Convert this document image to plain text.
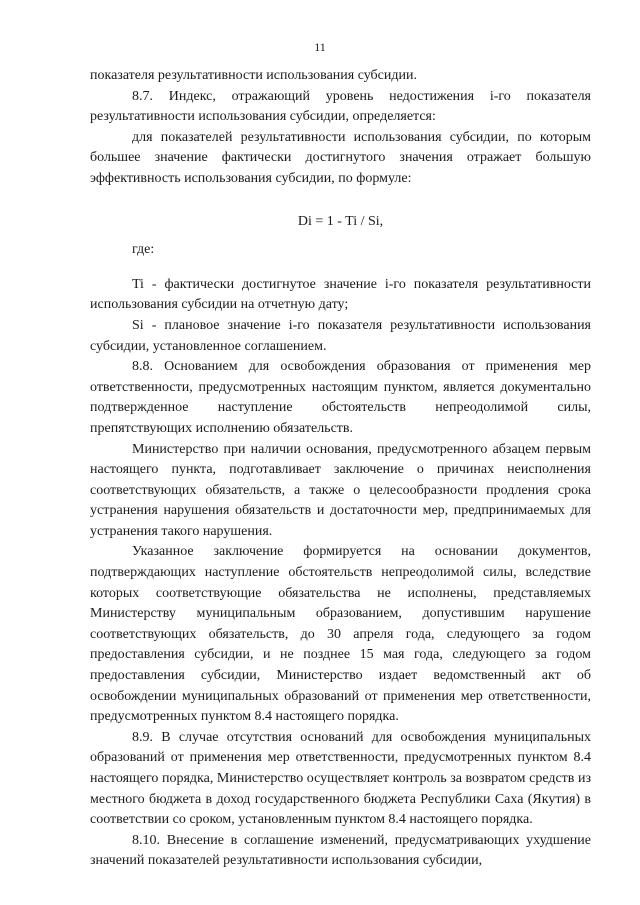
11

показателя результативности использования субсидии.

8.7. Индекс, отражающий уровень недостижения i-го показателя результативности использования субсидии, определяется:

для показателей результативности использования субсидии, по которым большее значение фактически достигнутого значения отражает большую эффективность использования субсидии, по формуле:

Di = 1 - Ti / Si,

где:

Ti - фактически достигнутое значение i-го показателя результативности использования субсидии на отчетную дату;

Si - плановое значение i-го показателя результативности использования субсидии, установленное соглашением.

8.8. Основанием для освобождения образования от применения мер ответственности, предусмотренных настоящим пунктом, является документально подтвержденное наступление обстоятельств непреодолимой силы, препятствующих исполнению обязательств.

Министерство при наличии основания, предусмотренного абзацем первым настоящего пункта, подготавливает заключение о причинах неисполнения соответствующих обязательств, а также о целесообразности продления срока устранения нарушения обязательств и достаточности мер, предпринимаемых для устранения такого нарушения.

Указанное заключение формируется на основании документов, подтверждающих наступление обстоятельств непреодолимой силы, вследствие которых соответствующие обязательства не исполнены, представляемых Министерству муниципальным образованием, допустившим нарушение соответствующих обязательств, до 30 апреля года, следующего за годом предоставления субсидии, и не позднее 15 мая года, следующего за годом предоставления субсидии, Министерство издает ведомственный акт об освобождении муниципальных образований от применения мер ответственности, предусмотренных пунктом 8.4 настоящего порядка.

8.9. В случае отсутствия оснований для освобождения муниципальных образований от применения мер ответственности, предусмотренных пунктом 8.4 настоящего порядка, Министерство осуществляет контроль за возвратом средств из местного бюджета в доход государственного бюджета Республики Саха (Якутия) в соответствии со сроком, установленным пунктом 8.4 настоящего порядка.

8.10. Внесение в соглашение изменений, предусматривающих ухудшение значений показателей результативности использования субсидии,
